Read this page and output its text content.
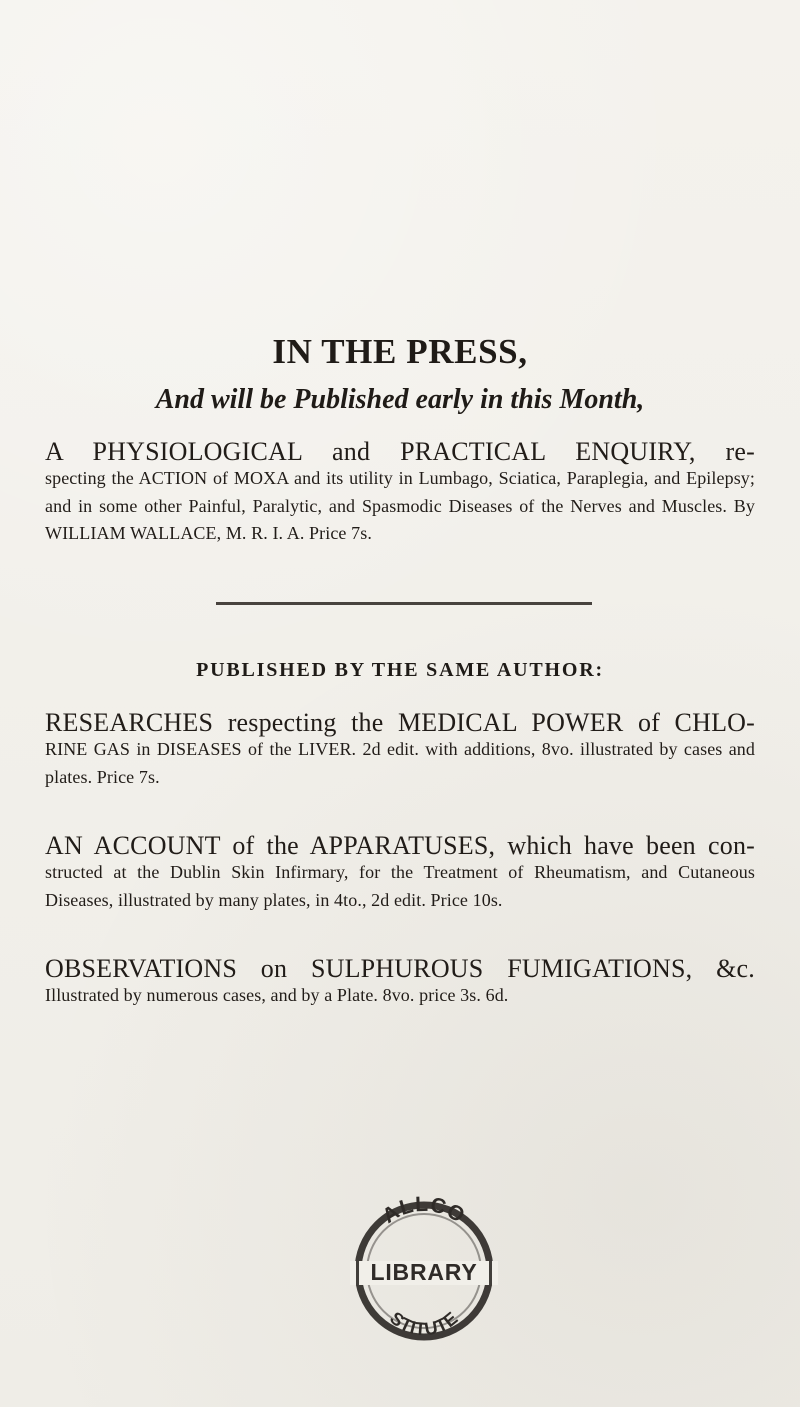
IN THE PRESS,
And will be Published early in this Month,
A PHYSIOLOGICAL and PRACTICAL ENQUIRY, re-
specting the ACTION of MOXA and its utility in Lumbago, Sciatica, Paraplegia, and Epilepsy; and in some other Painful, Paralytic, and Spasmodic Diseases of the Nerves and Muscles. By WILLIAM WALLACE, M. R. I. A. Price 7s.
PUBLISHED BY THE SAME AUTHOR:
RESEARCHES respecting the MEDICAL POWER of CHLO-
RINE GAS in DISEASES of the LIVER. 2d edit. with additions, 8vo. illustrated by cases and plates. Price 7s.
AN ACCOUNT of the APPARATUSES, which have been con-
structed at the Dublin Skin Infirmary, for the Treatment of Rheumatism, and Cutaneous Diseases, illustrated by many plates, in 4to., 2d edit. Price 10s.
OBSERVATIONS on SULPHUROUS FUMIGATIONS, &c.
Illustrated by numerous cases, and by a Plate. 8vo. price 3s. 6d.
ALLCO
LIBRARY
STITUTE
